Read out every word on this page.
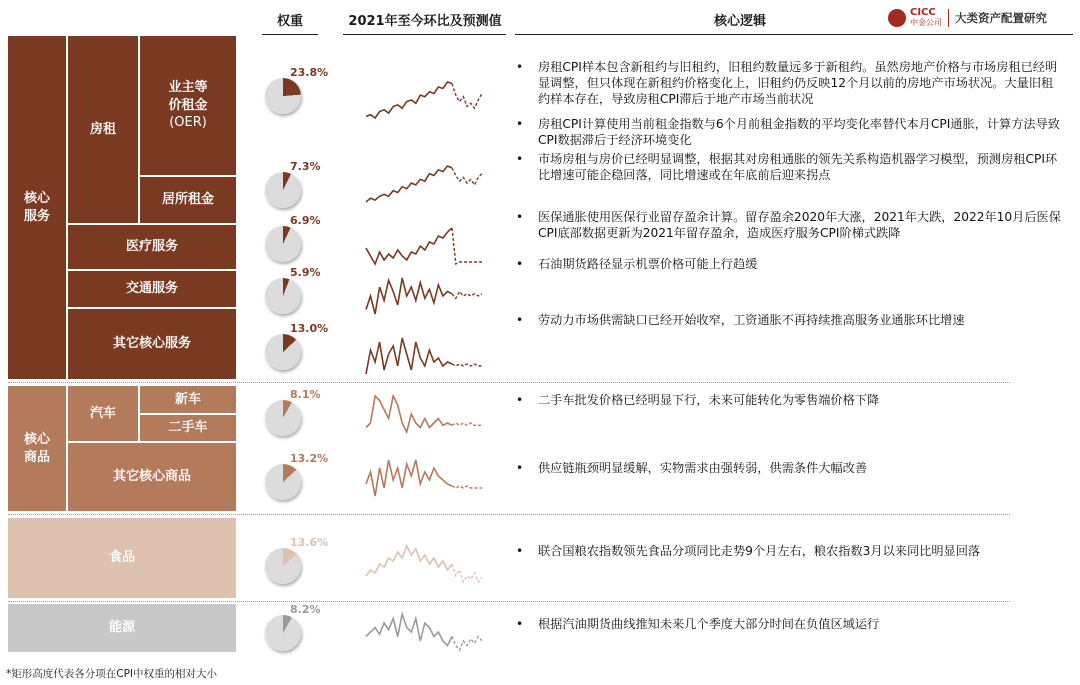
权重	2021年至今环比及预测值	核心逻辑
CICC
中金公司 大类资产配置研究
核心服务
房租
业主等
价租金
(OER)
居所租金
医疗服务
交通服务
其它核心服务
核心商品
汽车
新车
二手车
其它核心商品
食品
能源
23.8%
7.3%
6.9%
5.9%
13.0%
8.1%
13.2%
13.6%
8.2%
• 房租CPI样本包含新租约与旧租约，旧租约数量远多于新租约。虽然房地产价格与市场房租已经明显调整，但只体现在新租约价格变化上，旧租约仍反映12个月以前的房地产市场状况。大量旧租约样本存在，导致房租CPI滞后于地产市场当前状况
• 房租CPI计算使用当前租金指数与6个月前租金指数的平均变化率替代本月CPI通胀，计算方法导致CPI数据滞后于经济环境变化
• 市场房租与房价已经明显调整，根据其对房租通胀的领先关系构造机器学习模型，预测房租CPI环比增速可能企稳回落，同比增速或在年底前后迎来拐点
• 医保通胀使用医保行业留存盈余计算。留存盈余2020年大涨，2021年大跌，2022年10月后医保CPI底部数据更新为2021年留存盈余，造成医疗服务CPI阶梯式跌降
• 石油期货路径显示机票价格可能上行趋缓
• 劳动力市场供需缺口已经开始收窄，工资通胀不再持续推高服务业通胀环比增速
• 二手车批发价格已经明显下行，未来可能转化为零售端价格下降
• 供应链瓶颈明显缓解，实物需求由强转弱，供需条件大幅改善
• 联合国粮农指数领先食品分项同比走势9个月左右，粮农指数3月以来同比明显回落
• 根据汽油期货曲线推知未来几个季度大部分时间在负值区域运行
*矩形高度代表各分项在CPI中权重的相对大小
